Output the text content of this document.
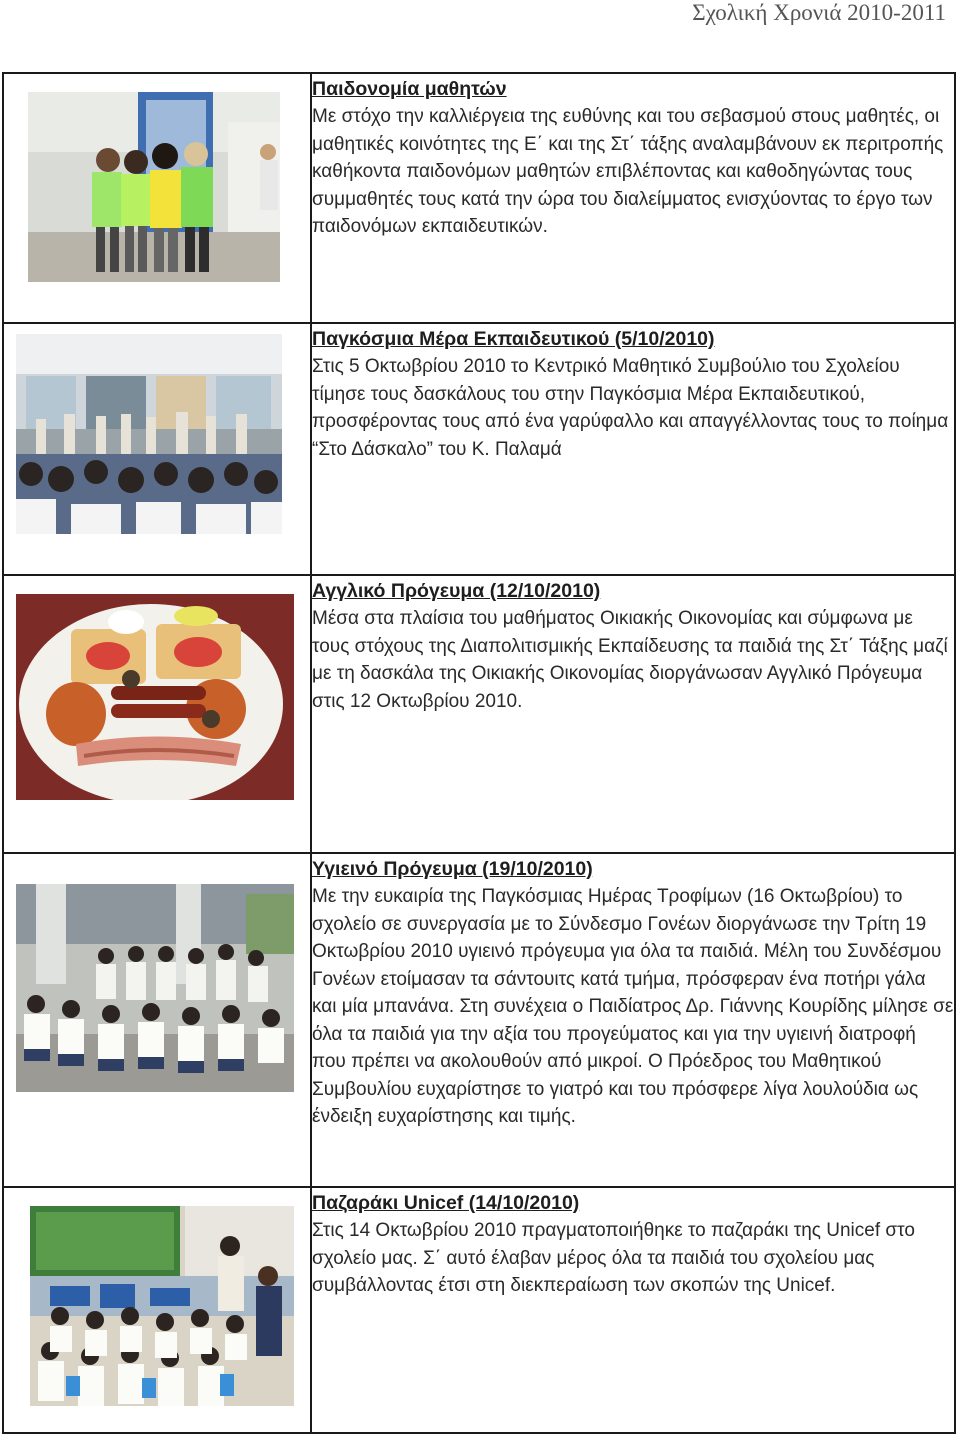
Σχολική Χρονιά 2010-2011

Παιδονομία μαθητών
Με στόχο την καλλιέργεια της ευθύνης και του σεβασμού στους μαθητές, οι μαθητικές κοινότητες της Ε΄ και της Στ΄ τάξης αναλαμβάνουν εκ περιτροπής καθήκοντα παιδονόμων μαθητών επιβλέποντας και καθοδηγώντας τους συμμαθητές τους κατά την ώρα του διαλείμματος ενισχύοντας το έργο των παιδονόμων εκπαιδευτικών.

Παγκόσμια Μέρα Εκπαιδευτικού (5/10/2010)
Στις 5 Οκτωβρίου 2010 το Κεντρικό Μαθητικό Συμβούλιο του Σχολείου τίμησε τους δασκάλους του στην Παγκόσμια Μέρα Εκπαιδευτικού, προσφέροντας τους από ένα γαρύφαλλο και απαγγέλλοντας τους το ποίημα “Στο Δάσκαλο” του Κ. Παλαμά

Αγγλικό Πρόγευμα (12/10/2010)
Μέσα στα πλαίσια του μαθήματος Οικιακής Οικονομίας και σύμφωνα με τους στόχους της Διαπολιτισμικής Εκπαίδευσης τα παιδιά της Στ΄ Τάξης μαζί με τη δασκάλα της Οικιακής Οικονομίας διοργάνωσαν Αγγλικό Πρόγευμα στις 12 Οκτωβρίου 2010.

Υγιεινό Πρόγευμα (19/10/2010)
Με την ευκαιρία της Παγκόσμιας Ημέρας Τροφίμων (16 Οκτωβρίου) το σχολείο σε συνεργασία με το Σύνδεσμο Γονέων διοργάνωσε την Τρίτη 19 Οκτωβρίου 2010 υγιεινό πρόγευμα για όλα τα παιδιά. Μέλη του Συνδέσμου Γονέων ετοίμασαν τα σάντουιτς κατά τμήμα, πρόσφεραν ένα ποτήρι γάλα και μία μπανάνα. Στη συνέχεια ο Παιδίατρος Δρ. Γιάννης Κουρίδης μίλησε σε όλα τα παιδιά για την αξία του προγεύματος και για την υγιεινή διατροφή που πρέπει να ακολουθούν από μικροί. Ο Πρόεδρος του Μαθητικού Συμβουλίου ευχαρίστησε το γιατρό και του πρόσφερε λίγα λουλούδια ως ένδειξη ευχαρίστησης και τιμής.

Παζαράκι Unicef (14/10/2010)
Στις 14 Οκτωβρίου 2010 πραγματοποιήθηκε το παζαράκι της Unicef στο σχολείο μας. Σ΄ αυτό έλαβαν μέρος όλα τα παιδιά του σχολείου μας συμβάλλοντας έτσι στη διεκπεραίωση των σκοπών της Unicef.
